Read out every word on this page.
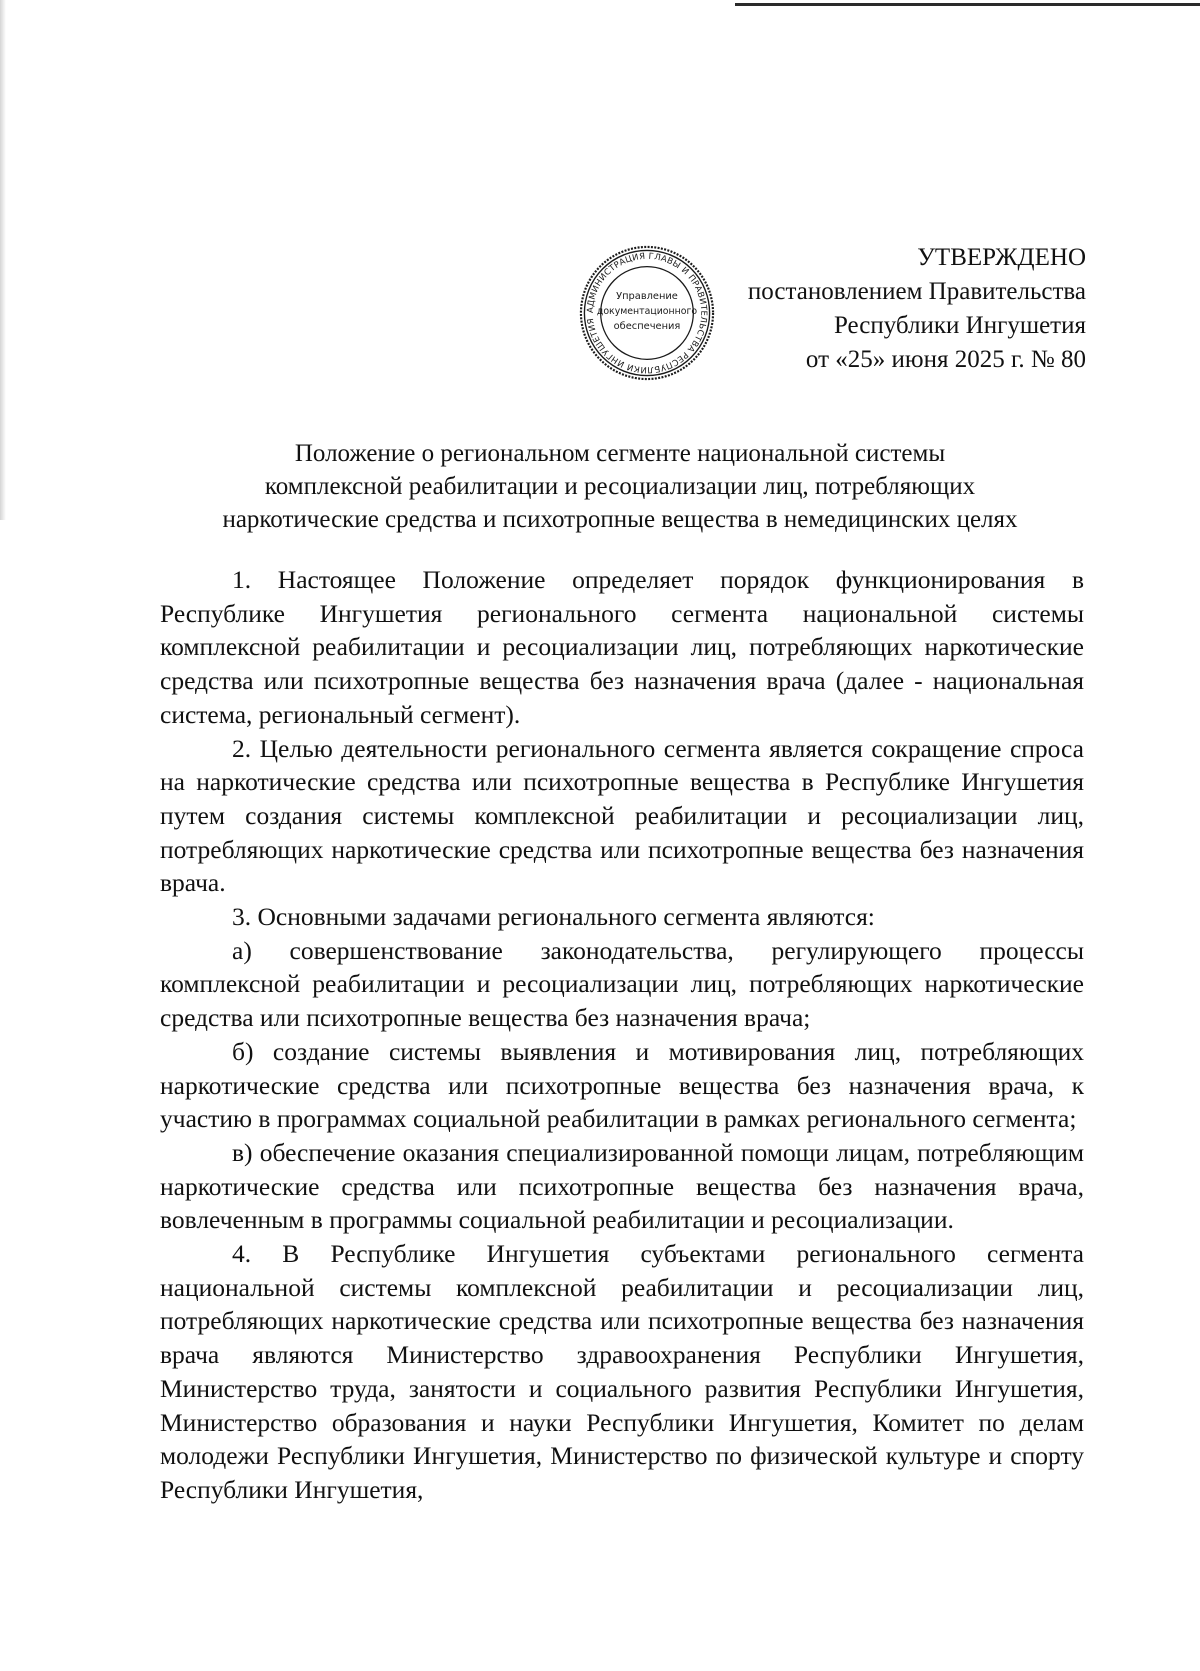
АДМИНИСТРАЦИЯ ГЛАВЫ И ПРАВИТЕЛЬСТВА РЕСПУБЛИКИ ИНГУШЕТИЯ
Управление
документационного
обеспечения
УТВЕРЖДЕНО
постановлением Правительства
Республики Ингушетия
от «25» июня 2025 г. № 80
Положение о региональном сегменте национальной системы
комплексной реабилитации и ресоциализации лиц, потребляющих
наркотические средства и психотропные вещества в немедицинских целях

1. Настоящее Положение определяет порядок функционирования в Республике Ингушетия регионального сегмента национальной системы комплексной реабилитации и ресоциализации лиц, потребляющих наркотические средства или психотропные вещества без назначения врача (далее - национальная система, региональный сегмент).

2. Целью деятельности регионального сегмента является сокращение спроса на наркотические средства или психотропные вещества в Республике Ингушетия путем создания системы комплексной реабилитации и ресоциализации лиц, потребляющих наркотические средства или психотропные вещества без назначения врача.

3. Основными задачами регионального сегмента являются:

а) совершенствование законодательства, регулирующего процессы комплексной реабилитации и ресоциализации лиц, потребляющих наркотические средства или психотропные вещества без назначения врача;

б) создание системы выявления и мотивирования лиц, потребляющих наркотические средства или психотропные вещества без назначения врача, к участию в программах социальной реабилитации в рамках регионального сегмента;

в) обеспечение оказания специализированной помощи лицам, потребляющим наркотические средства или психотропные вещества без назначения врача, вовлеченным в программы социальной реабилитации и ресоциализации.

4. В Республике Ингушетия субъектами регионального сегмента национальной системы комплексной реабилитации и ресоциализации лиц, потребляющих наркотические средства или психотропные вещества без назначения врача являются Министерство здравоохранения Республики Ингушетия, Министерство труда, занятости и социального развития Республики Ингушетия, Министерство образования и науки Республики Ингушетия, Комитет по делам молодежи Республики Ингушетия, Министерство по физической культуре и спорту Республики Ингушетия,
